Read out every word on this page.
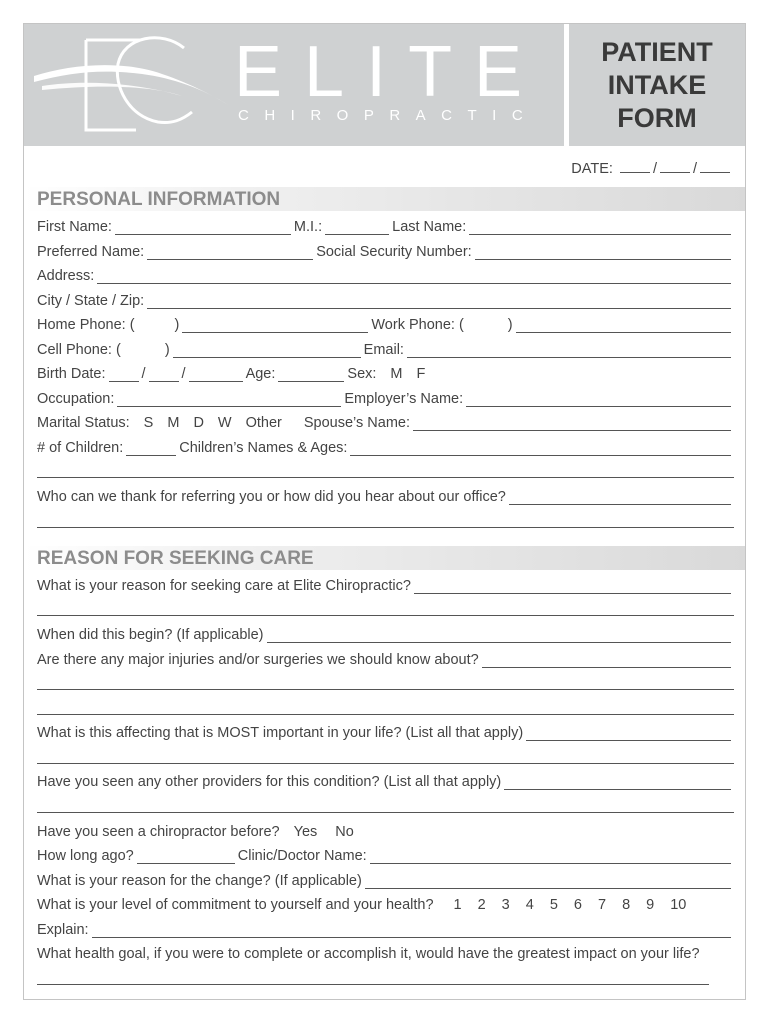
ELITE
CHIROPRACTIC
PATIENT
INTAKE
FORM
DATE:	/ /
PERSONAL INFORMATION
First Name:	M.I.:	Last Name:
Preferred Name:	Social Security Number:
Address:
City / State / Zip:
Home Phone: (	)	Work Phone: (	)
Cell Phone: (	)	Email:
Birth Date: / /	Age:	Sex: M F
Occupation:	Employer’s Name:
Marital Status: S M D W Other Spouse’s Name:
# of Children:	Children’s Names & Ages:
Who can we thank for referring you or how did you hear about our office?
REASON FOR SEEKING CARE
What is your reason for seeking care at Elite Chiropractic?
When did this begin? (If applicable)
Are there any major injuries and/or surgeries we should know about?
What is this affecting that is MOST important in your life? (List all that apply)
Have you seen any other providers for this condition? (List all that apply)
Have you seen a chiropractor before? Yes No
How long ago?	Clinic/Doctor Name:
What is your reason for the change? (If applicable)
What is your level of commitment to yourself and your health? 1 2 3 4 5 6 7 8 9 10
Explain:
What health goal, if you were to complete or accomplish it, would have the greatest impact on your life?
